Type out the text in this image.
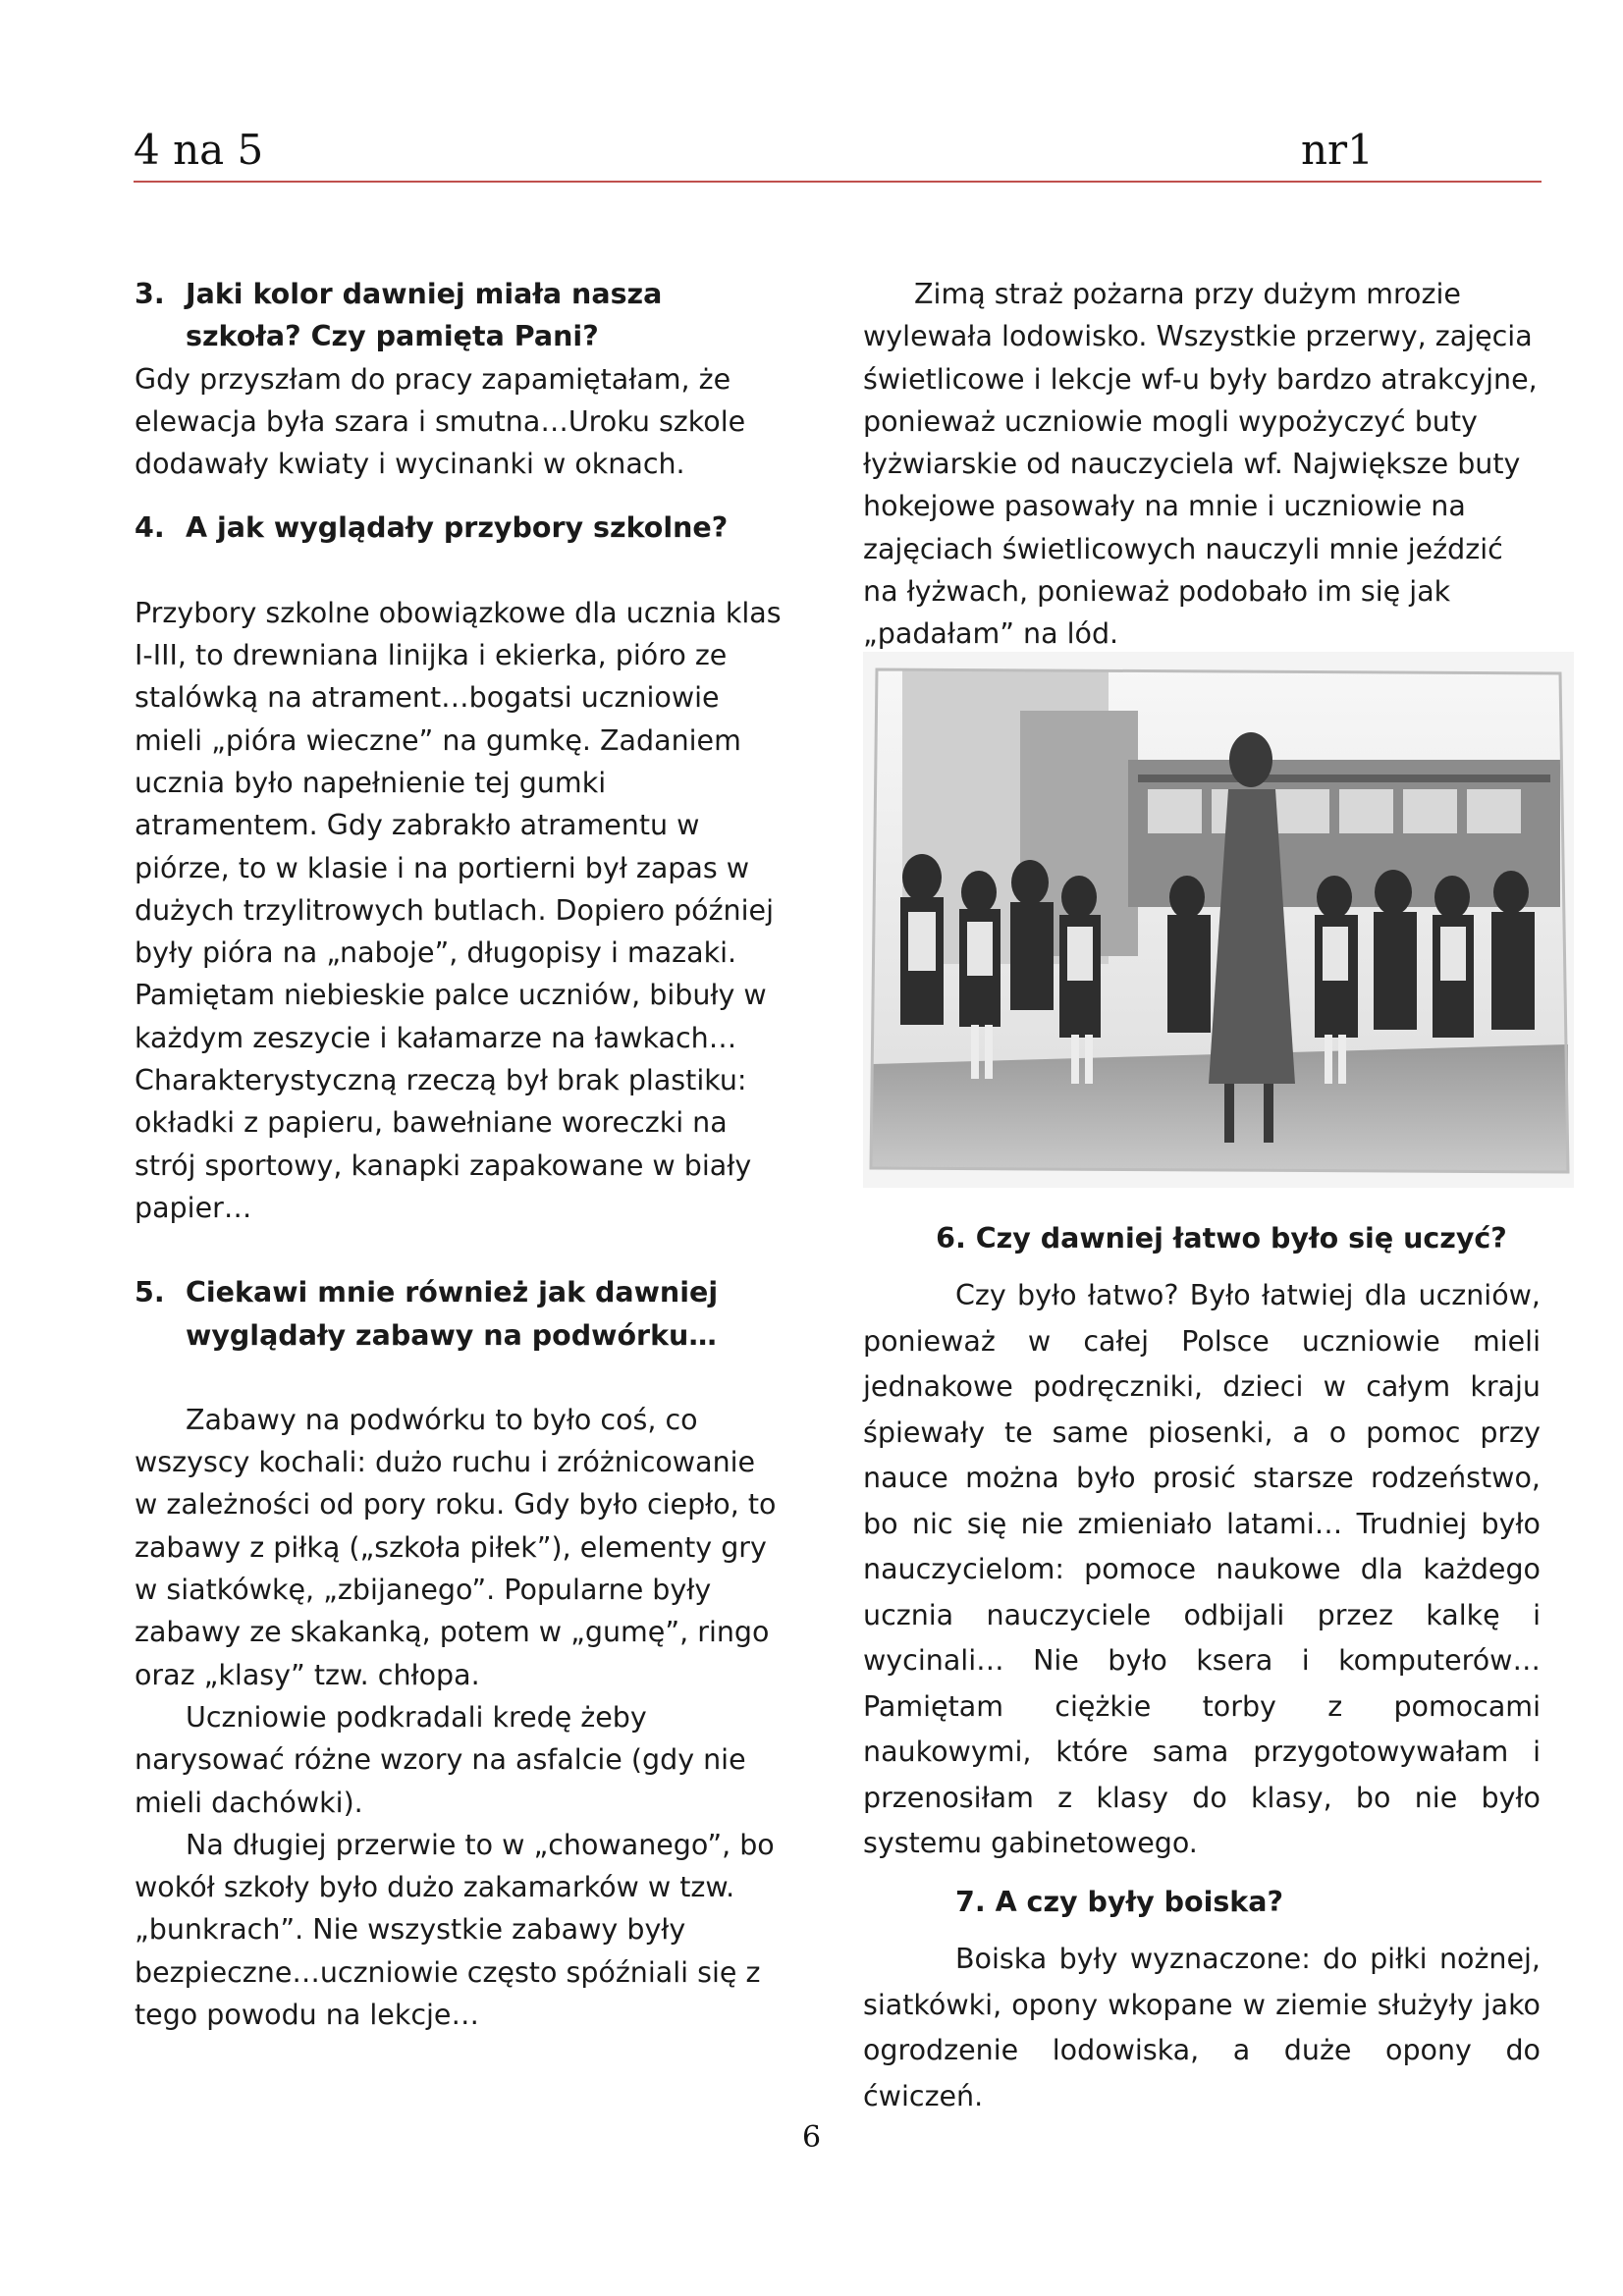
4 na 5	nr1

3. Jaki kolor dawniej miała nasza
szkoła? Czy pamięta Pani?

Gdy przyszłam do pracy zapamiętałam, że elewacja była szara i smutna…Uroku szkole dodawały kwiaty i wycinanki w oknach.

4. A jak wyglądały przybory szkolne?

Przybory szkolne obowiązkowe dla ucznia klas I-III, to drewniana linijka i ekierka, pióro ze stalówką na atrament…bogatsi uczniowie mieli „pióra wieczne” na gumkę. Zadaniem ucznia było napełnienie tej gumki atramentem. Gdy zabrakło atramentu w piórze, to w klasie i na portierni był zapas w dużych trzylitrowych butlach. Dopiero później były pióra na „naboje”, długopisy i mazaki.

Pamiętam niebieskie palce uczniów, bibuły w każdym zeszycie i kałamarze na ławkach… Charakterystyczną rzeczą był brak plastiku: okładki z papieru, bawełniane woreczki na strój sportowy, kanapki zapakowane w biały papier…

5. Ciekawi mnie również jak dawniej
wyglądały zabawy na podwórku…

Zabawy na podwórku to było coś, co wszyscy kochali: dużo ruchu i zróżnicowanie w zależności od pory roku. Gdy było ciepło, to zabawy z piłką („szkoła piłek”), elementy gry w siatkówkę, „zbijanego”. Popularne były zabawy ze skakanką, potem w „gumę”, ringo oraz „klasy” tzw. chłopa.

Uczniowie podkradali kredę żeby narysować różne wzory na asfalcie (gdy nie mieli dachówki).

Na długiej przerwie to w „chowanego”, bo wokół szkoły było dużo zakamarków w tzw. „bunkrach”. Nie wszystkie zabawy były bezpieczne…uczniowie często spóźniali się z tego powodu na lekcje…

Zimą straż pożarna przy dużym mrozie wylewała lodowisko. Wszystkie przerwy, zajęcia świetlicowe i lekcje wf-u były bardzo atrakcyjne, ponieważ uczniowie mogli wypożyczyć buty łyżwiarskie od nauczyciela wf. Największe buty hokejowe pasowały na mnie i uczniowie na zajęciach świetlicowych nauczyli mnie jeździć na łyżwach, ponieważ podobało im się jak „padałam” na lód.

6. Czy dawniej łatwo było się uczyć?

Czy było łatwo? Było łatwiej dla uczniów, ponieważ w całej Polsce uczniowie mieli jednakowe podręczniki, dzieci w całym kraju śpiewały te same piosenki, a o pomoc przy nauce można było prosić starsze rodzeństwo, bo nic się nie zmieniało latami… Trudniej było nauczycielom: pomoce naukowe dla każdego ucznia nauczyciele odbijali przez kalkę i wycinali… Nie było ksera i komputerów… Pamiętam ciężkie torby z pomocami naukowymi, które sama przygotowywałam i przenosiłam z klasy do klasy, bo nie było systemu gabinetowego.

7. A czy były boiska?

Boiska były wyznaczone: do piłki nożnej, siatkówki, opony wkopane w ziemie służyły jako ogrodzenie lodowiska, a duże opony do ćwiczeń.

6
